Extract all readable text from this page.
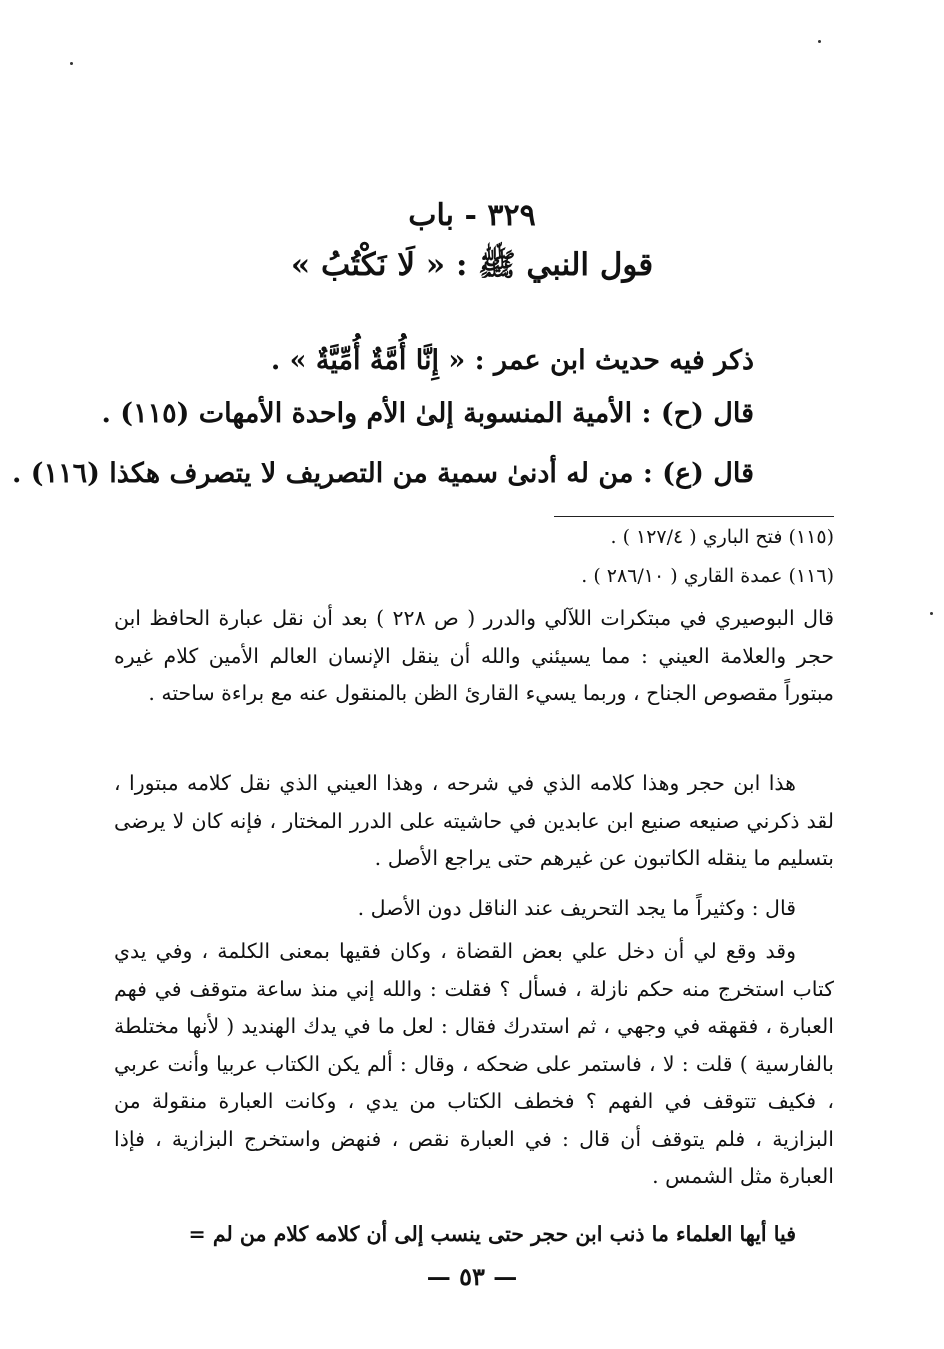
٣٢٩ - باب
قول النبي ﷺ : « لَا نَكْتُبُ »
ذكر فيه حديث ابن عمر : « إِنَّا أُمَّةٌ أُمِّيَّةٌ » .
قال (ح) : الأمية المنسوبة إلىٰ الأم واحدة الأمهات (١١٥) .
قال (ع) : من له أدنىٰ سمية من التصريف لا يتصرف هكذا (١١٦) .
(١١٥) فتح الباري ( ١٢٧/٤ ) .
(١١٦) عمدة القاري ( ٢٨٦/١٠ ) .

قال البوصيري في مبتكرات اللآلي والدرر ( ص ٢٢٨ ) بعد أن نقل عبارة الحافظ ابن حجر والعلامة العيني : مما يسيئني والله أن ينقل الإنسان العالم الأمين كلام غيره مبتوراً مقصوص الجناح ، وربما يسيء القارئ الظن بالمنقول عنه مع براءة ساحته .

هذا ابن حجر وهذا كلامه الذي في شرحه ، وهذا العيني الذي نقل كلامه مبتورا ، لقد ذكرني صنيعه صنيع ابن عابدين في حاشيته على الدرر المختار ، فإنه كان لا يرضى بتسليم ما ينقله الكاتبون عن غيرهم حتى يراجع الأصل .

قال : وكثيراً ما يجد التحريف عند الناقل دون الأصل .

وقد وقع لي أن دخل علي بعض القضاة ، وكان فقيها بمعنى الكلمة ، وفي يدي كتاب استخرج منه حكم نازلة ، فسأل ؟ فقلت : والله إني منذ ساعة متوقف في فهم العبارة ، فقهقه في وجهي ، ثم استدرك فقال : لعل ما في يدك الهنديد ( لأنها مختلطة بالفارسية ) قلت : لا ، فاستمر على ضحكه ، وقال : ألم يكن الكتاب عربيا وأنت عربي ، فكيف تتوقف في الفهم ؟ فخطف الكتاب من يدي ، وكانت العبارة منقولة من البزازية ، فلم يتوقف أن قال : في العبارة نقص ، فنهض واستخرج البزازية ، فإذا العبارة مثل الشمس .

فيا أيها العلماء ما ذنب ابن حجر حتى ينسب إلى أن كلامه كلام من لم =

— ٥٣ —
